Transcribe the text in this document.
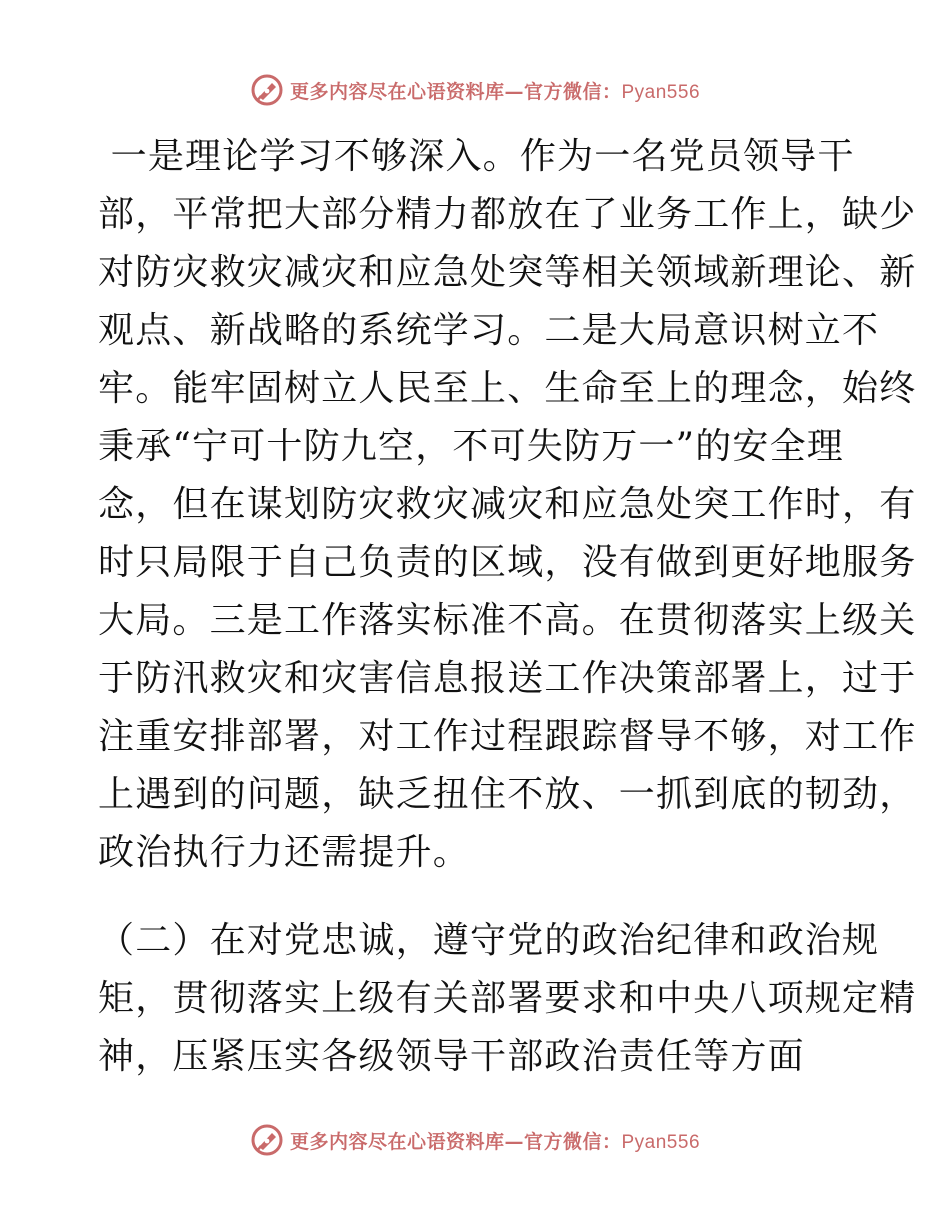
更多内容尽在心语资料库—官方微信：Pyan556
一是理论学习不够深入。作为一名党员领导干
部，平常把大部分精力都放在了业务工作上，缺少
对防灾救灾减灾和应急处突等相关领域新理论、新
观点、新战略的系统学习。二是大局意识树立不
牢。能牢固树立人民至上、生命至上的理念，始终
秉承“宁可十防九空，不可失防万一”的安全理
念，但在谋划防灾救灾减灾和应急处突工作时，有
时只局限于自己负责的区域，没有做到更好地服务
大局。三是工作落实标准不高。在贯彻落实上级关
于防汛救灾和灾害信息报送工作决策部署上，过于
注重安排部署，对工作过程跟踪督导不够，对工作
上遇到的问题，缺乏扭住不放、一抓到底的韧劲，
政治执行力还需提升。
（二）在对党忠诚，遵守党的政治纪律和政治规
矩，贯彻落实上级有关部署要求和中央八项规定精
神，压紧压实各级领导干部政治责任等方面
更多内容尽在心语资料库—官方微信：Pyan556
